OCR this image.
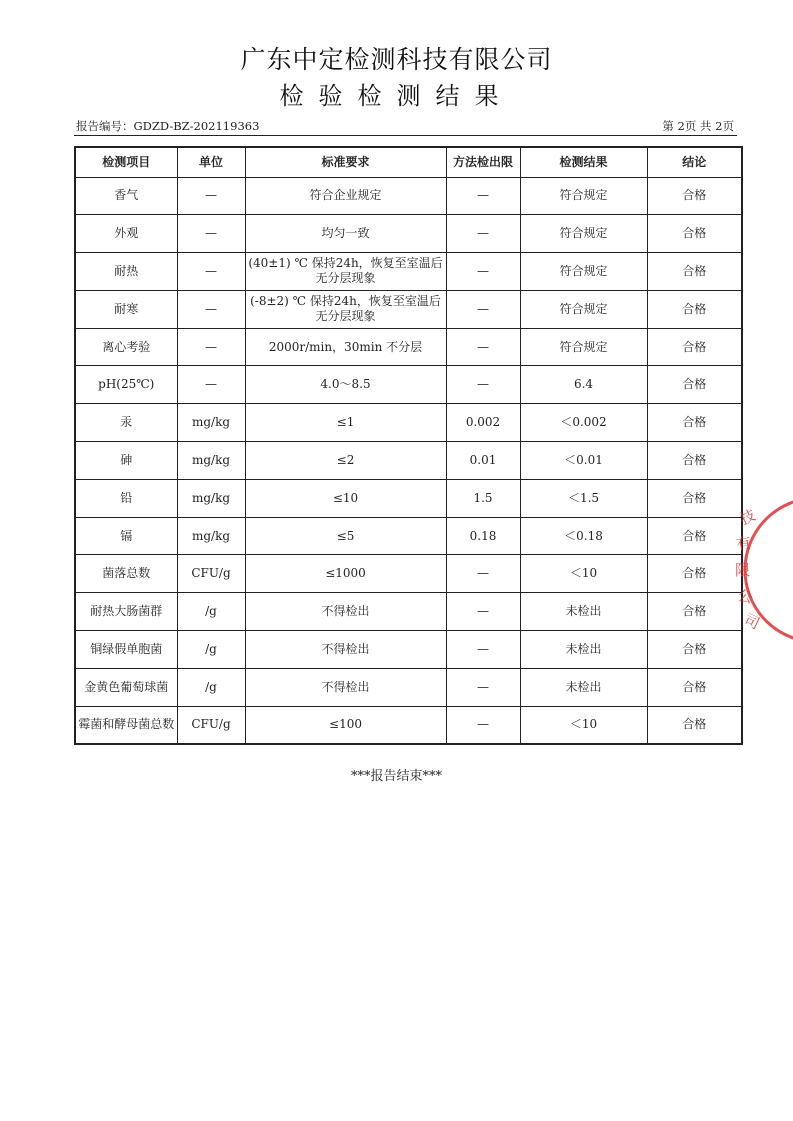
广东中定检测科技有限公司
检验检测结果
报告编号：GDZD-BZ-202119363	第 2页 共 2页
检测项目	单位	标准要求	方法检出限	检测结果	结论
香气	—	符合企业规定	—	符合规定	合格
外观	—	均匀一致	—	符合规定	合格
耐热	—	(40±1) ℃ 保持24h，恢复至室温后无分层现象	—	符合规定	合格
耐寒	—	(-8±2) ℃ 保持24h，恢复至室温后无分层现象	—	符合规定	合格
离心考验	—	2000r/min，30min 不分层	—	符合规定	合格
pH(25℃)	—	4.0～8.5	—	6.4	合格
汞	mg/kg	≤1	0.002	＜0.002	合格
砷	mg/kg	≤2	0.01	＜0.01	合格
铅	mg/kg	≤10	1.5	＜1.5	合格
镉	mg/kg	≤5	0.18	＜0.18	合格
菌落总数	CFU/g	≤1000	—	＜10	合格
耐热大肠菌群	/g	不得检出	—	未检出	合格
铜绿假单胞菌	/g	不得检出	—	未检出	合格
金黄色葡萄球菌	/g	不得检出	—	未检出	合格
霉菌和酵母菌总数	CFU/g	≤100	—	＜10	合格
***报告结束***
技
有
限
公
司
